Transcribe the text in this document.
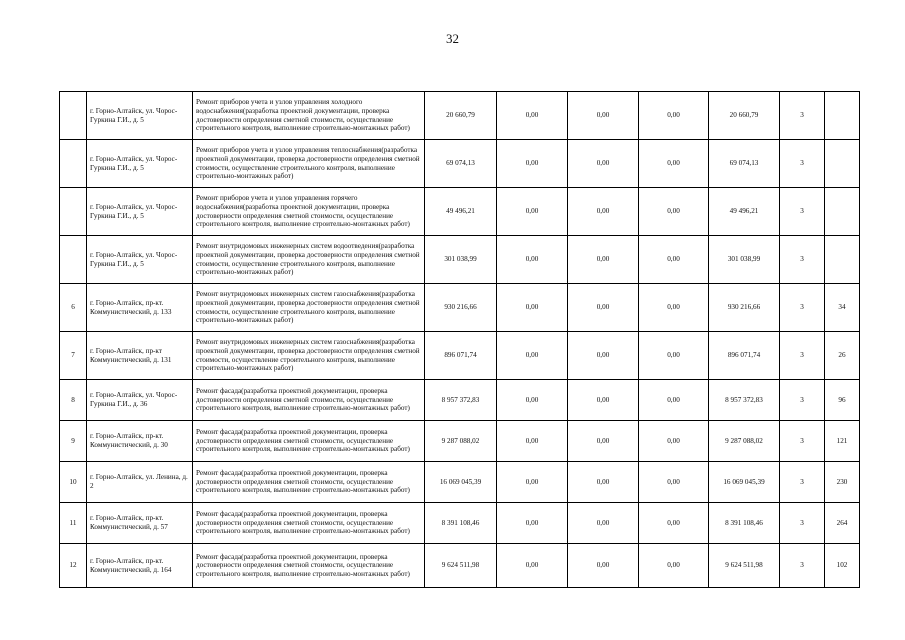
32
	г. Горно-Алтайск, ул. Чорос-Гуркина Г.И., д. 5	Ремонт приборов учета и узлов управления холодного водоснабжения(разработка проектной документации, проверка достоверности определения сметной стоимости, осуществление строительного контроля, выполнение строительно-монтажных работ)	20 660,79	0,00	0,00	0,00	20 660,79	3	
	г. Горно-Алтайск, ул. Чорос-Гуркина Г.И., д. 5	Ремонт приборов учета и узлов управления теплоснабжения(разработка проектной документации, проверка достоверности определения сметной стоимости, осуществление строительного контроля, выполнение строительно-монтажных работ)	69 074,13	0,00	0,00	0,00	69 074,13	3	
	г. Горно-Алтайск, ул. Чорос-Гуркина Г.И., д. 5	Ремонт приборов учета и узлов управления горячего водоснабжения(разработка проектной документации, проверка достоверности определения сметной стоимости, осуществление строительного контроля, выполнение строительно-монтажных работ)	49 496,21	0,00	0,00	0,00	49 496,21	3	
	г. Горно-Алтайск, ул. Чорос-Гуркина Г.И., д. 5	Ремонт внутридомовых инженерных систем водоотведения(разработка проектной документации, проверка достоверности определения сметной стоимости, осуществление строительного контроля, выполнение строительно-монтажных работ)	301 038,99	0,00	0,00	0,00	301 038,99	3	
6	г. Горно-Алтайск, пр-кт. Коммунистический, д. 133	Ремонт внутридомовых инженерных систем газоснабжения(разработка проектной документации, проверка достоверности определения сметной стоимости, осуществление строительного контроля, выполнение строительно-монтажных работ)	930 216,66	0,00	0,00	0,00	930 216,66	3	34
7	г. Горно-Алтайск, пр-кт Коммунистический, д. 131	Ремонт внутридомовых инженерных систем газоснабжения(разработка проектной документации, проверка достоверности определения сметной стоимости, осуществление строительного контроля, выполнение строительно-монтажных работ)	896 071,74	0,00	0,00	0,00	896 071,74	3	26
8	г. Горно-Алтайск, ул. Чорос-Гуркина Г.И., д. 36	Ремонт фасада(разработка проектной документации, проверка достоверности определения сметной стоимости, осуществление строительного контроля, выполнение строительно-монтажных работ)	8 957 372,83	0,00	0,00	0,00	8 957 372,83	3	96
9	г. Горно-Алтайск, пр-кт. Коммунистический, д. 30	Ремонт фасада(разработка проектной документации, проверка достоверности определения сметной стоимости, осуществление строительного контроля, выполнение строительно-монтажных работ)	9 287 088,02	0,00	0,00	0,00	9 287 088,02	3	121
10	г. Горно-Алтайск, ул. Ленина, д. 2	Ремонт фасада(разработка проектной документации, проверка достоверности определения сметной стоимости, осуществление строительного контроля, выполнение строительно-монтажных работ)	16 069 045,39	0,00	0,00	0,00	16 069 045,39	3	230
11	г. Горно-Алтайск, пр-кт. Коммунистический, д. 57	Ремонт фасада(разработка проектной документации, проверка достоверности определения сметной стоимости, осуществление строительного контроля, выполнение строительно-монтажных работ)	8 391 108,46	0,00	0,00	0,00	8 391 108,46	3	264
12	г. Горно-Алтайск, пр-кт. Коммунистический, д. 164	Ремонт фасада(разработка проектной документации, проверка достоверности определения сметной стоимости, осуществление строительного контроля, выполнение строительно-монтажных работ)	9 624 511,98	0,00	0,00	0,00	9 624 511,98	3	102
